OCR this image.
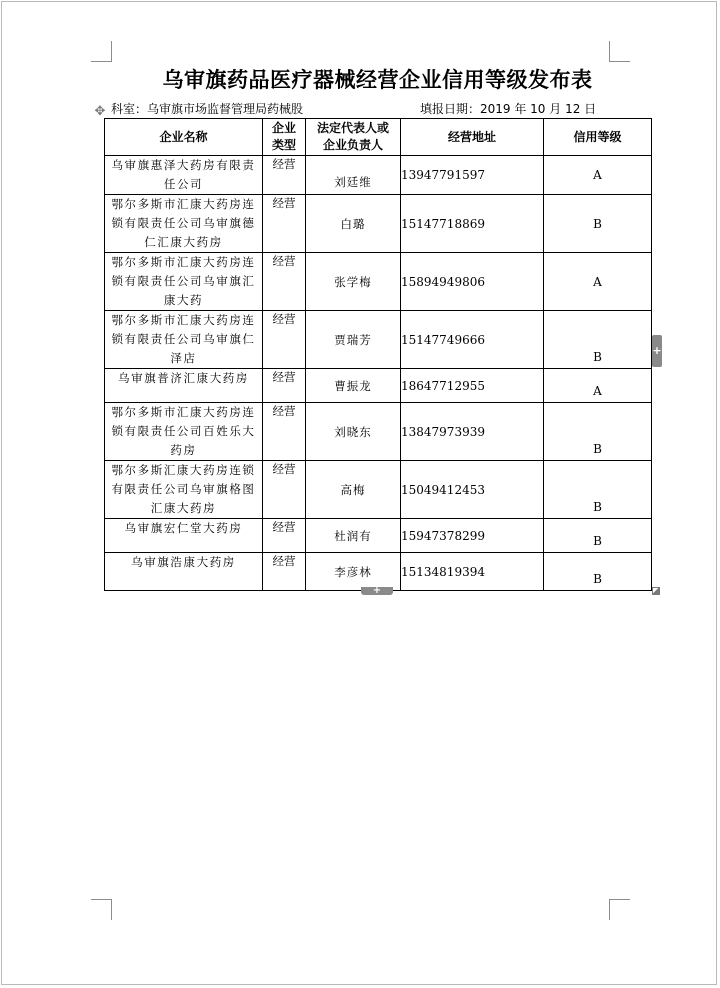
乌审旗药品医疗器械经营企业信用等级发布表
✥ 科室：乌审旗市场监督管理局药械股	填报日期：2019 年 10 月 12 日
企业名称	企业类型	法定代表人或企业负责人	经营地址	信用等级
乌审旗惠泽大药房有限责任公司	经营	刘廷维	13947791597	A
鄂尔多斯市汇康大药房连锁有限责任公司乌审旗德仁汇康大药房	经营	白璐	15147718869	B
鄂尔多斯市汇康大药房连锁有限责任公司乌审旗汇康大药	经营	张学梅	15894949806	A
鄂尔多斯市汇康大药房连锁有限责任公司乌审旗仁泽店	经营	贾瑞芳	15147749666	B
乌审旗普济汇康大药房	经营	曹振龙	18647712955	A
鄂尔多斯市汇康大药房连锁有限责任公司百姓乐大药房	经营	刘晓东	13847973939	B
鄂尔多斯汇康大药房连锁有限责任公司乌审旗格图汇康大药房	经营	高梅	15049412453	B
乌审旗宏仁堂大药房	经营	杜润有	15947378299	B
乌审旗浩康大药房	经营	李彦林	15134819394	B
+
+
